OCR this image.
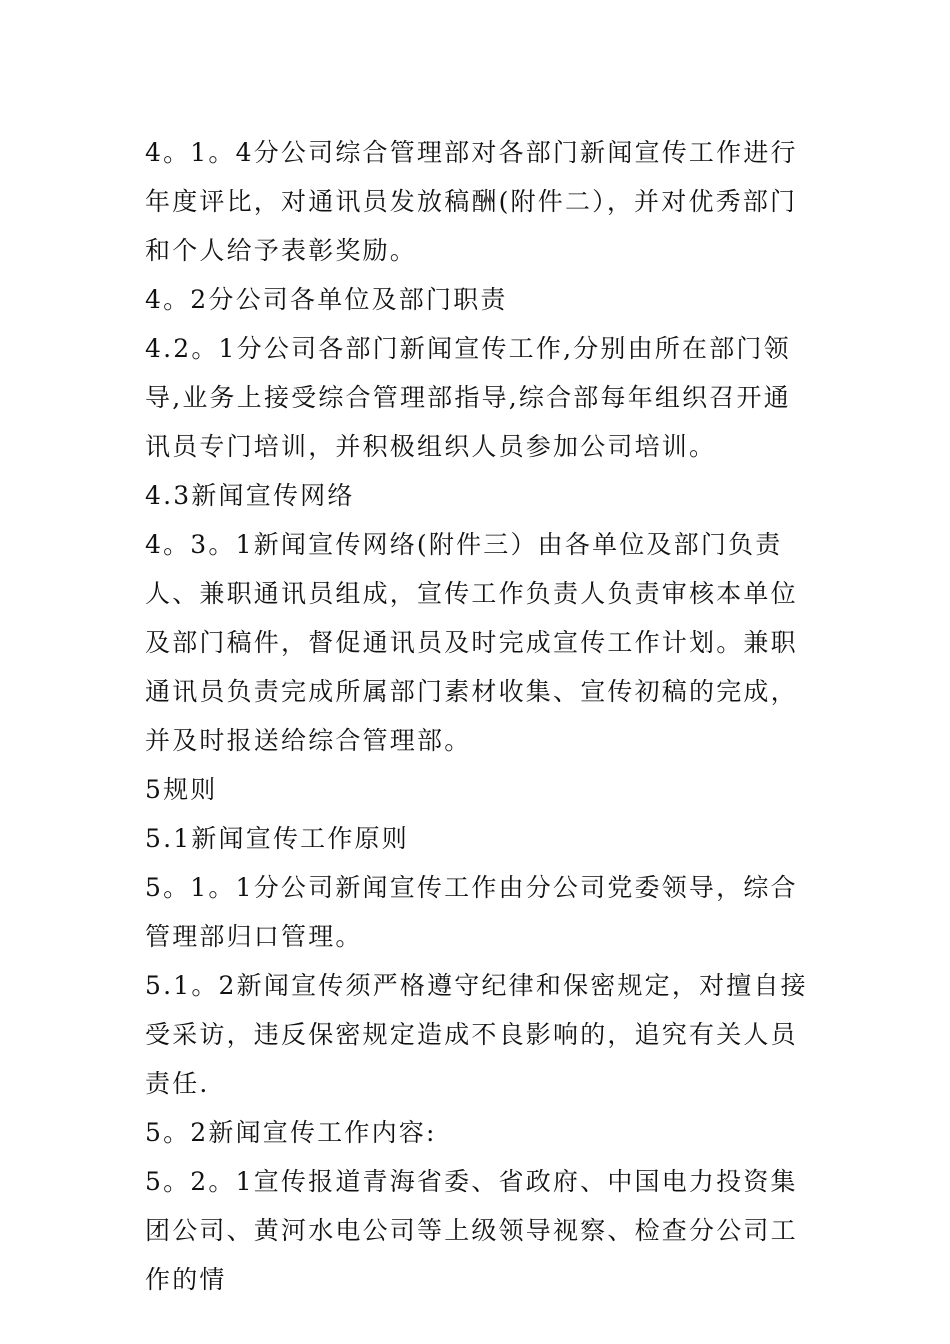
4。1。4分公司综合管理部对各部门新闻宣传工作进行年度评比，对通讯员发放稿酬(附件二），并对优秀部门和个人给予表彰奖励。

4。2分公司各单位及部门职责

4.2。1分公司各部门新闻宣传工作,分别由所在部门领导,业务上接受综合管理部指导,综合部每年组织召开通讯员专门培训，并积极组织人员参加公司培训。

4.3新闻宣传网络

4。3。1新闻宣传网络(附件三）由各单位及部门负责人、兼职通讯员组成，宣传工作负责人负责审核本单位及部门稿件，督促通讯员及时完成宣传工作计划。兼职通讯员负责完成所属部门素材收集、宣传初稿的完成，并及时报送给综合管理部。

5规则

5.1新闻宣传工作原则

5。1。1分公司新闻宣传工作由分公司党委领导，综合管理部归口管理。

5.1。2新闻宣传须严格遵守纪律和保密规定，对擅自接受采访，违反保密规定造成不良影响的，追究有关人员责任.

5。2新闻宣传工作内容:

5。2。1宣传报道青海省委、省政府、中国电力投资集团公司、黄河水电公司等上级领导视察、检查分公司工作的情
